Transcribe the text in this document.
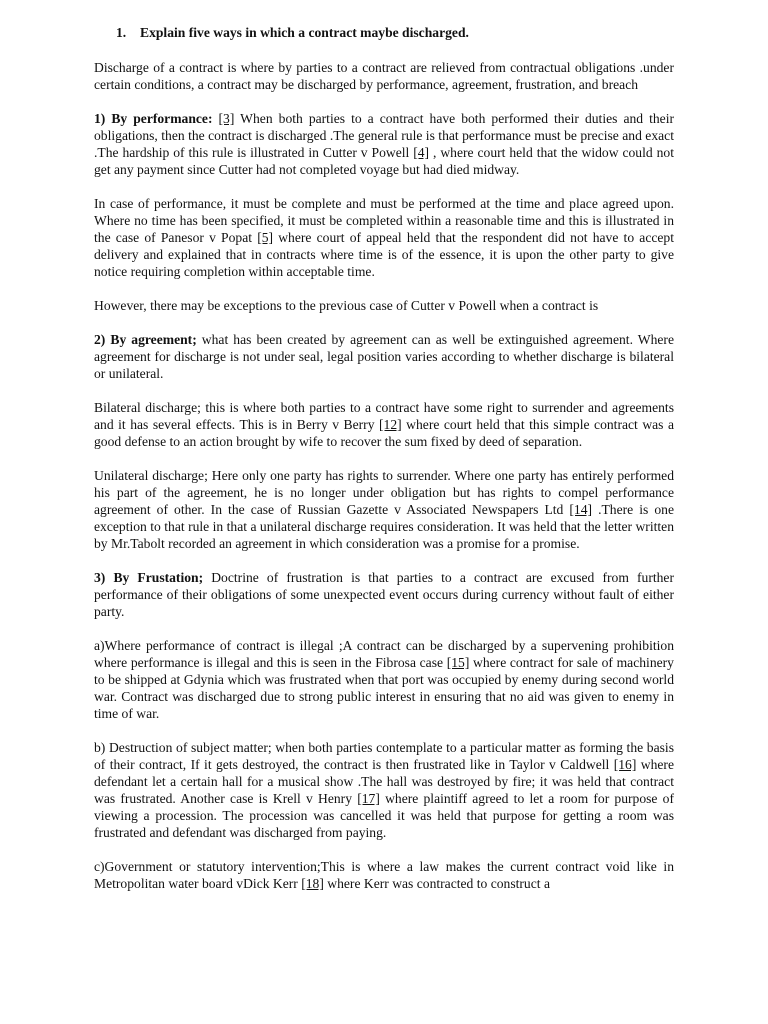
1. Explain five ways in which a contract maybe discharged.

Discharge of a contract is where by parties to a contract are relieved from contractual obligations .under certain conditions, a contract may be discharged by performance, agreement, frustration, and breach

1) By performance: [3] When both parties to a contract have both performed their duties and their obligations, then the contract is discharged .The general rule is that performance must be precise and exact .The hardship of this rule is illustrated in Cutter v Powell [4] , where court held that the widow could not get any payment since Cutter had not completed voyage but had died midway.

In case of performance, it must be complete and must be performed at the time and place agreed upon. Where no time has been specified, it must be completed within a reasonable time and this is illustrated in the case of Panesor v Popat [5] where court of appeal held that the respondent did not have to accept delivery and explained that in contracts where time is of the essence, it is upon the other party to give notice requiring completion within acceptable time.

However, there may be exceptions to the previous case of Cutter v Powell when a contract is

2) By agreement; what has been created by agreement can as well be extinguished agreement. Where agreement for discharge is not under seal, legal position varies according to whether discharge is bilateral or unilateral.

Bilateral discharge; this is where both parties to a contract have some right to surrender and agreements and it has several effects. This is in Berry v Berry [12] where court held that this simple contract was a good defense to an action brought by wife to recover the sum fixed by deed of separation.

Unilateral discharge; Here only one party has rights to surrender. Where one party has entirely performed his part of the agreement, he is no longer under obligation but has rights to compel performance agreement of other. In the case of Russian Gazette v Associated Newspapers Ltd [14] .There is one exception to that rule in that a unilateral discharge requires consideration. It was held that the letter written by Mr.Tabolt recorded an agreement in which consideration was a promise for a promise.

3) By Frustation; Doctrine of frustration is that parties to a contract are excused from further performance of their obligations of some unexpected event occurs during currency without fault of either party.

a)Where performance of contract is illegal ;A contract can be discharged by a supervening prohibition where performance is illegal and this is seen in the Fibrosa case [15] where contract for sale of machinery to be shipped at Gdynia which was frustrated when that port was occupied by enemy during second world war. Contract was discharged due to strong public interest in ensuring that no aid was given to enemy in time of war.

b) Destruction of subject matter; when both parties contemplate to a particular matter as forming the basis of their contract, If it gets destroyed, the contract is then frustrated like in Taylor v Caldwell [16] where defendant let a certain hall for a musical show .The hall was destroyed by fire; it was held that contract was frustrated. Another case is Krell v Henry [17] where plaintiff agreed to let a room for purpose of viewing a procession. The procession was cancelled it was held that purpose for getting a room was frustrated and defendant was discharged from paying.

c)Government or statutory intervention;This is where a law makes the current contract void like in Metropolitan water board vDick Kerr [18] where Kerr was contracted to construct a
